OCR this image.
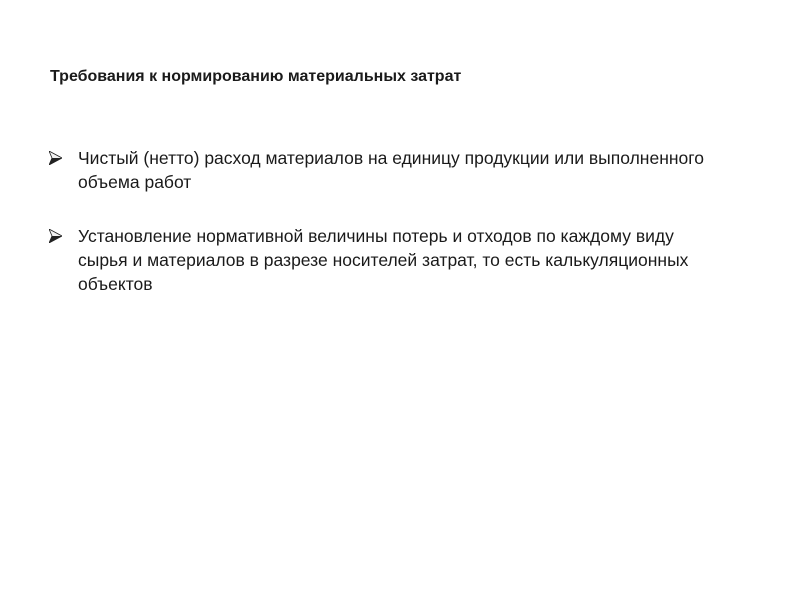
Требования к нормированию материальных затрат
Чистый (нетто) расход материалов на единицу продукции или выполненного объема работ
Установление нормативной величины потерь и отходов по каждому виду сырья и материалов в разрезе носителей затрат, то есть калькуляционных объектов
